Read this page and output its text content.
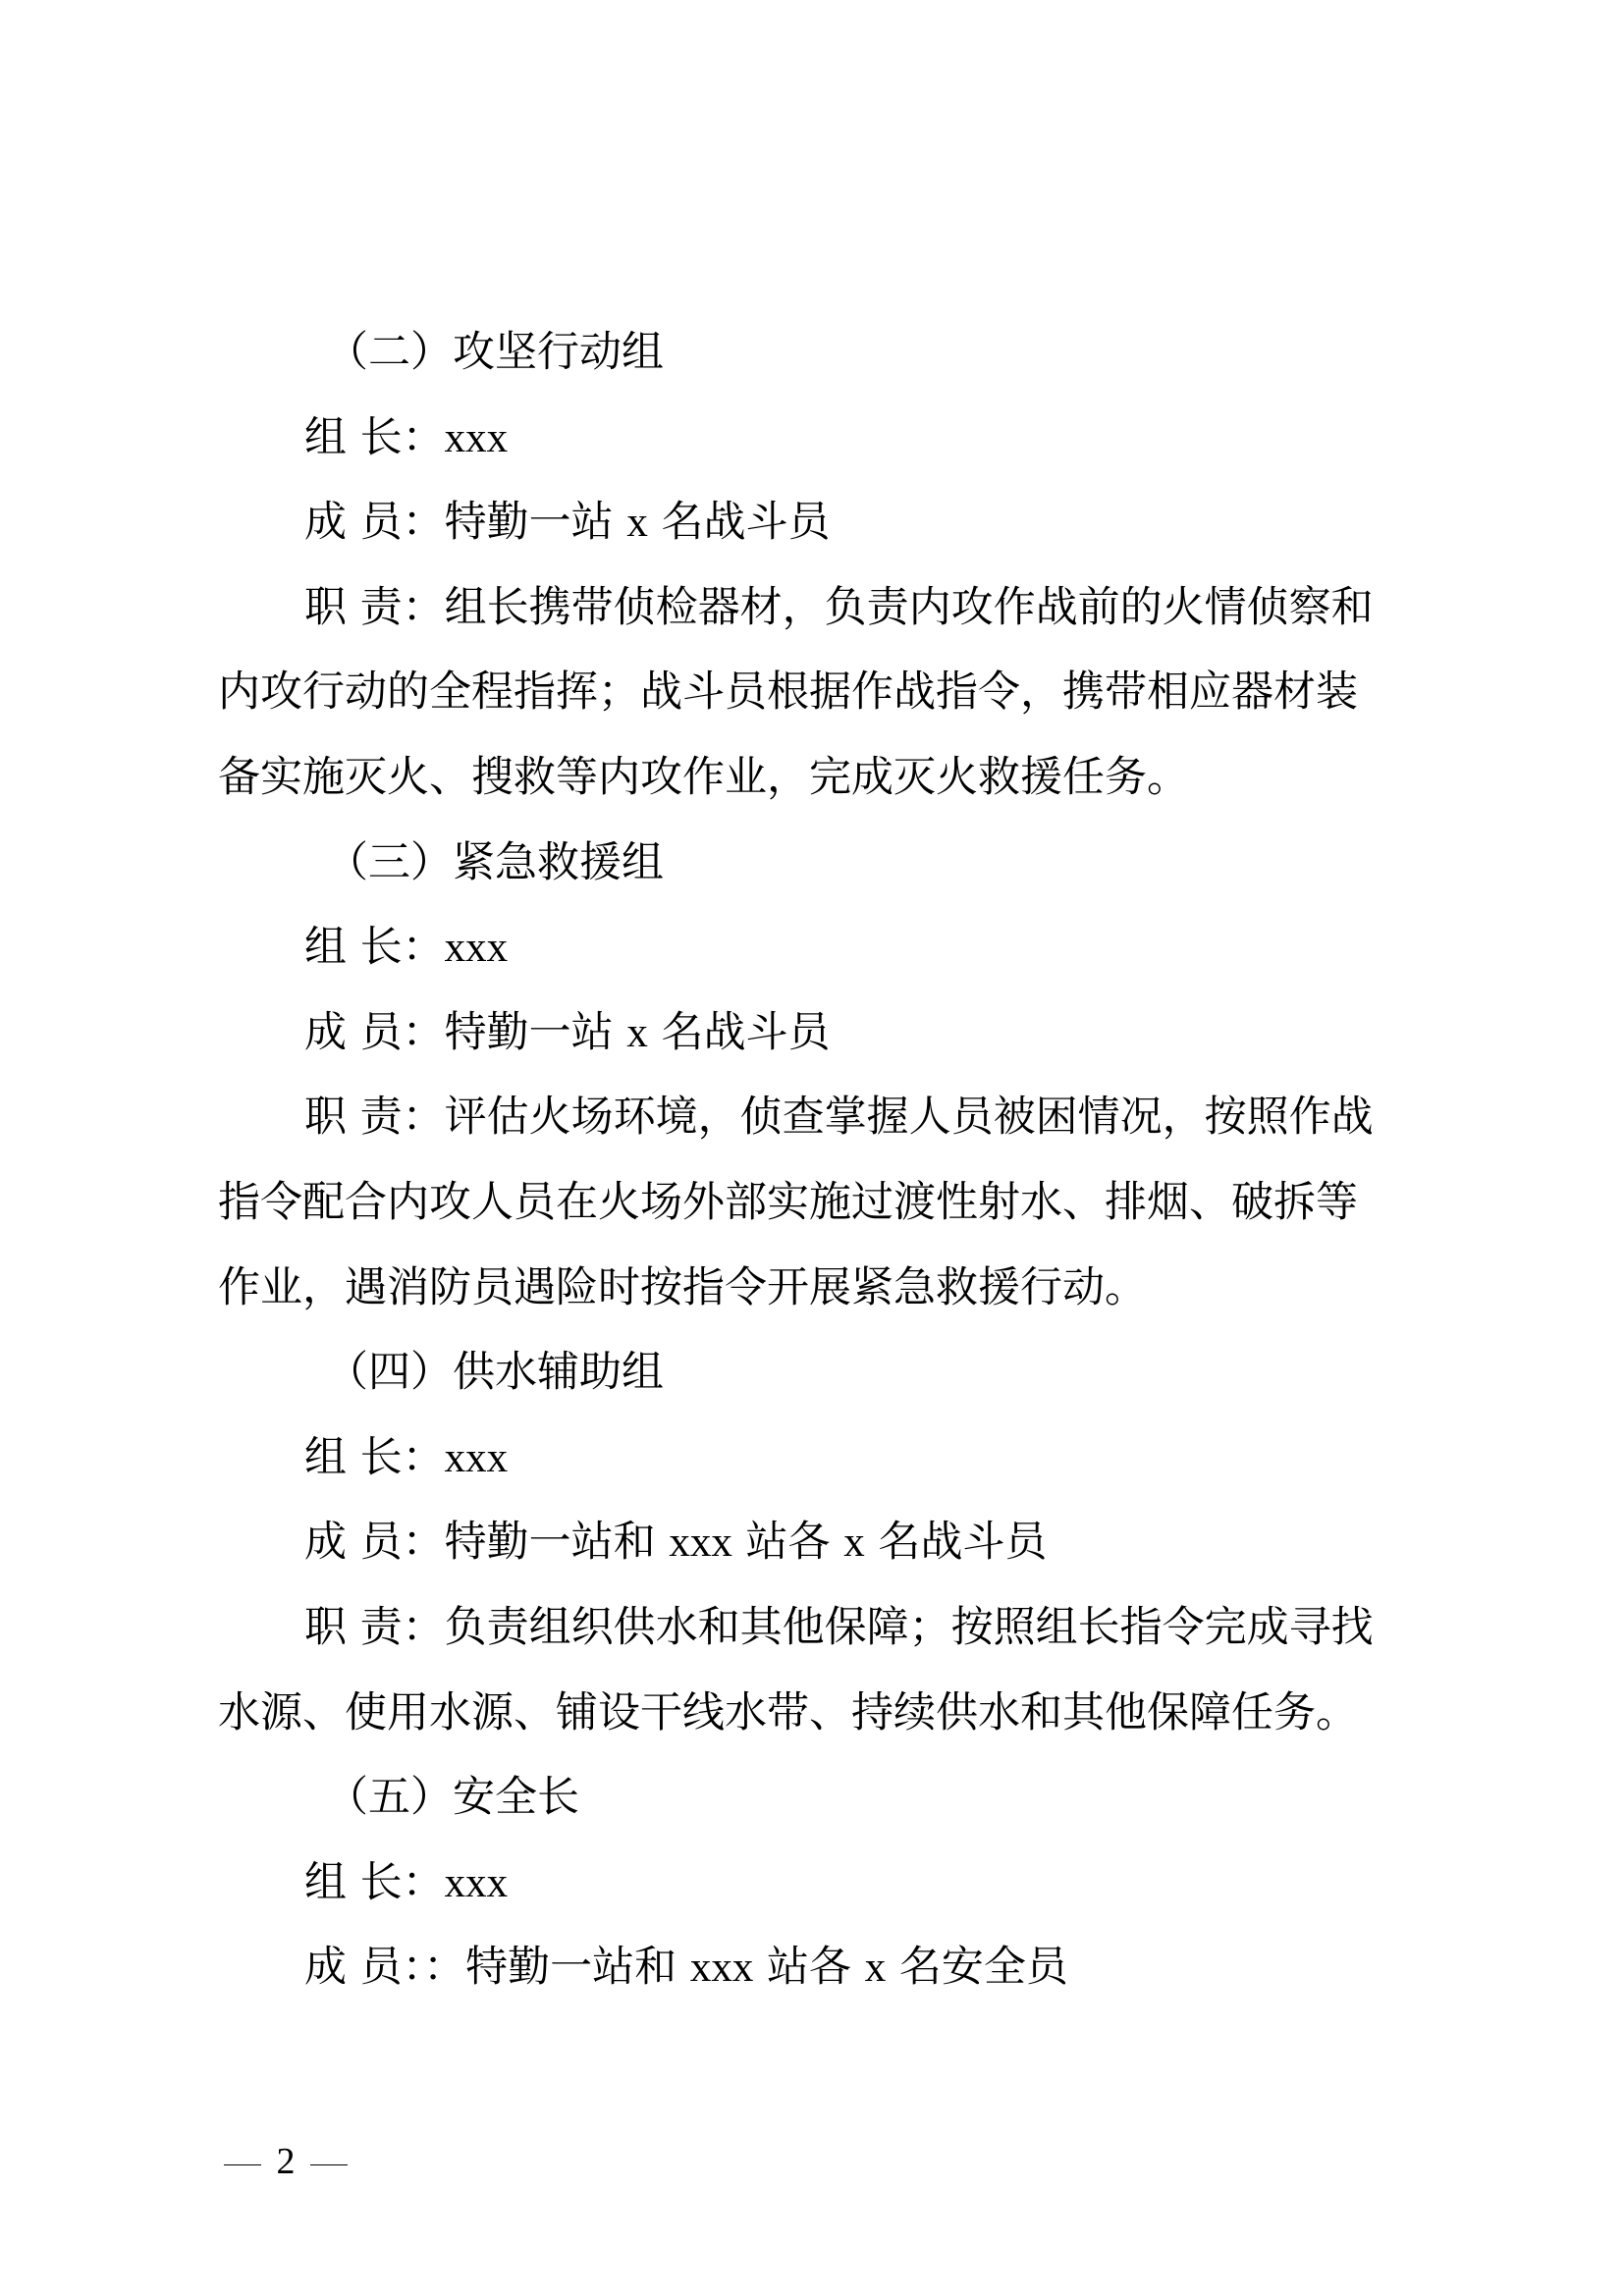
（二）攻坚行动组
组 长：xxx
成 员：特勤一站 x 名战斗员
职 责：组长携带侦检器材，负责内攻作战前的火情侦察和
内攻行动的全程指挥；战斗员根据作战指令，携带相应器材装
备实施灭火、搜救等内攻作业，完成灭火救援任务。
（三）紧急救援组
组 长：xxx
成 员：特勤一站 x 名战斗员
职 责：评估火场环境，侦查掌握人员被困情况，按照作战
指令配合内攻人员在火场外部实施过渡性射水、排烟、破拆等
作业，遇消防员遇险时按指令开展紧急救援行动。
（四）供水辅助组
组 长：xxx
成 员：特勤一站和 xxx 站各 x 名战斗员
职 责：负责组织供水和其他保障；按照组长指令完成寻找
水源、使用水源、铺设干线水带、持续供水和其他保障任务。
（五）安全长
组 长：xxx
成 员：：特勤一站和 xxx 站各 x 名安全员
2
